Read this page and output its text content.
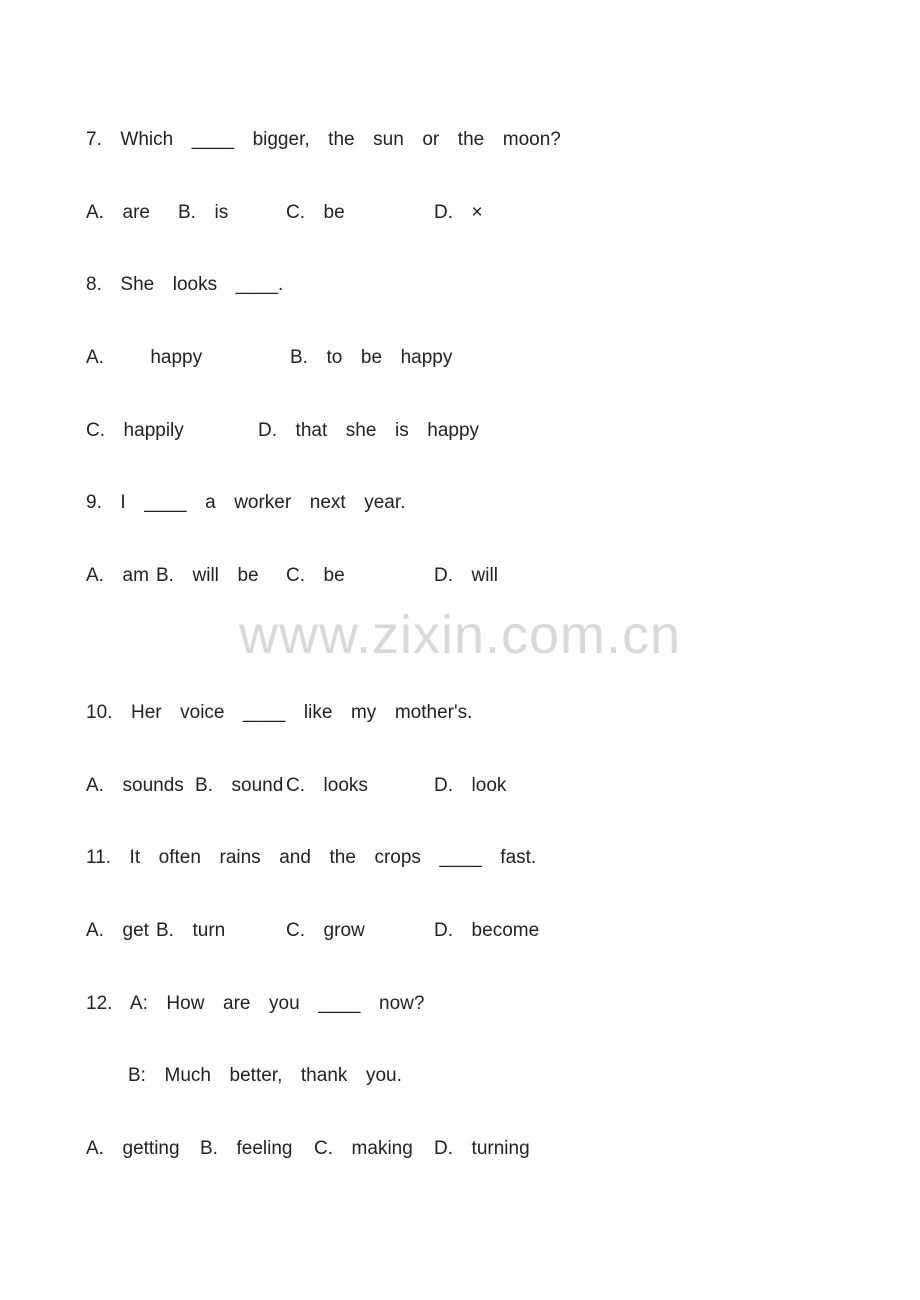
7.  Which  ____  bigger,  the  sun  or  the  moon?
A.  are B.  is	C.  be	D.  ×
8.  She  looks  ____.
A.     happy	B.  to  be  happy
C.  happily	D.  that  she  is  happy
9.  I  ____  a  worker  next  year.
A.  am B.  will  be C.  be	D.  will
www.zixin.com.cn
10.  Her  voice  ____  like  my  mother's.
A.  sounds B.  sound C.  looks	D.  look
11.  It  often  rains  and  the  crops  ____  fast.
A.  get B.  turn	C.  grow	D.  become
12.  A:  How  are  you  ____  now?
B:  Much  better,  thank  you.
A.  getting B.  feeling C.  making D.  turning
